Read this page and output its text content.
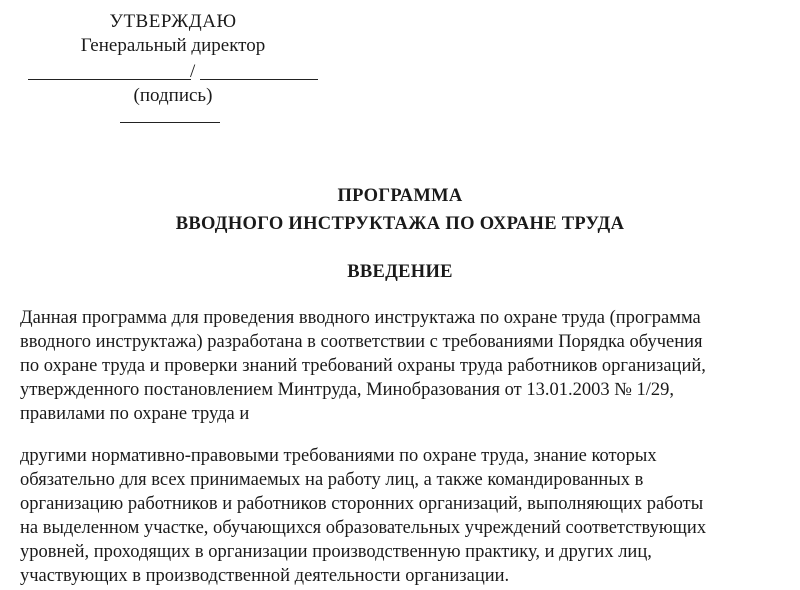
УТВЕРЖДАЮ
Генеральный директор
/
(подпись)
ПРОГРАММА
ВВОДНОГО ИНСТРУКТАЖА ПО ОХРАНЕ ТРУДА
ВВЕДЕНИЕ

Данная программа для проведения вводного инструктажа по охране труда (программа
вводного инструктажа) разработана в соответствии с требованиями Порядка обучения
по охране труда и проверки знаний требований охраны труда работников организаций,
утвержденного постановлением Минтруда, Минобразования от 13.01.2003 № 1/29,
правилами по охране труда и

другими нормативно-правовыми требованиями по охране труда, знание которых
обязательно для всех принимаемых на работу лиц, а также командированных в
организацию работников и работников сторонних организаций, выполняющих работы
на выделенном участке, обучающихся образовательных учреждений соответствующих
уровней, проходящих в организации производственную практику, и других лиц,
участвующих в производственной деятельности организации.
